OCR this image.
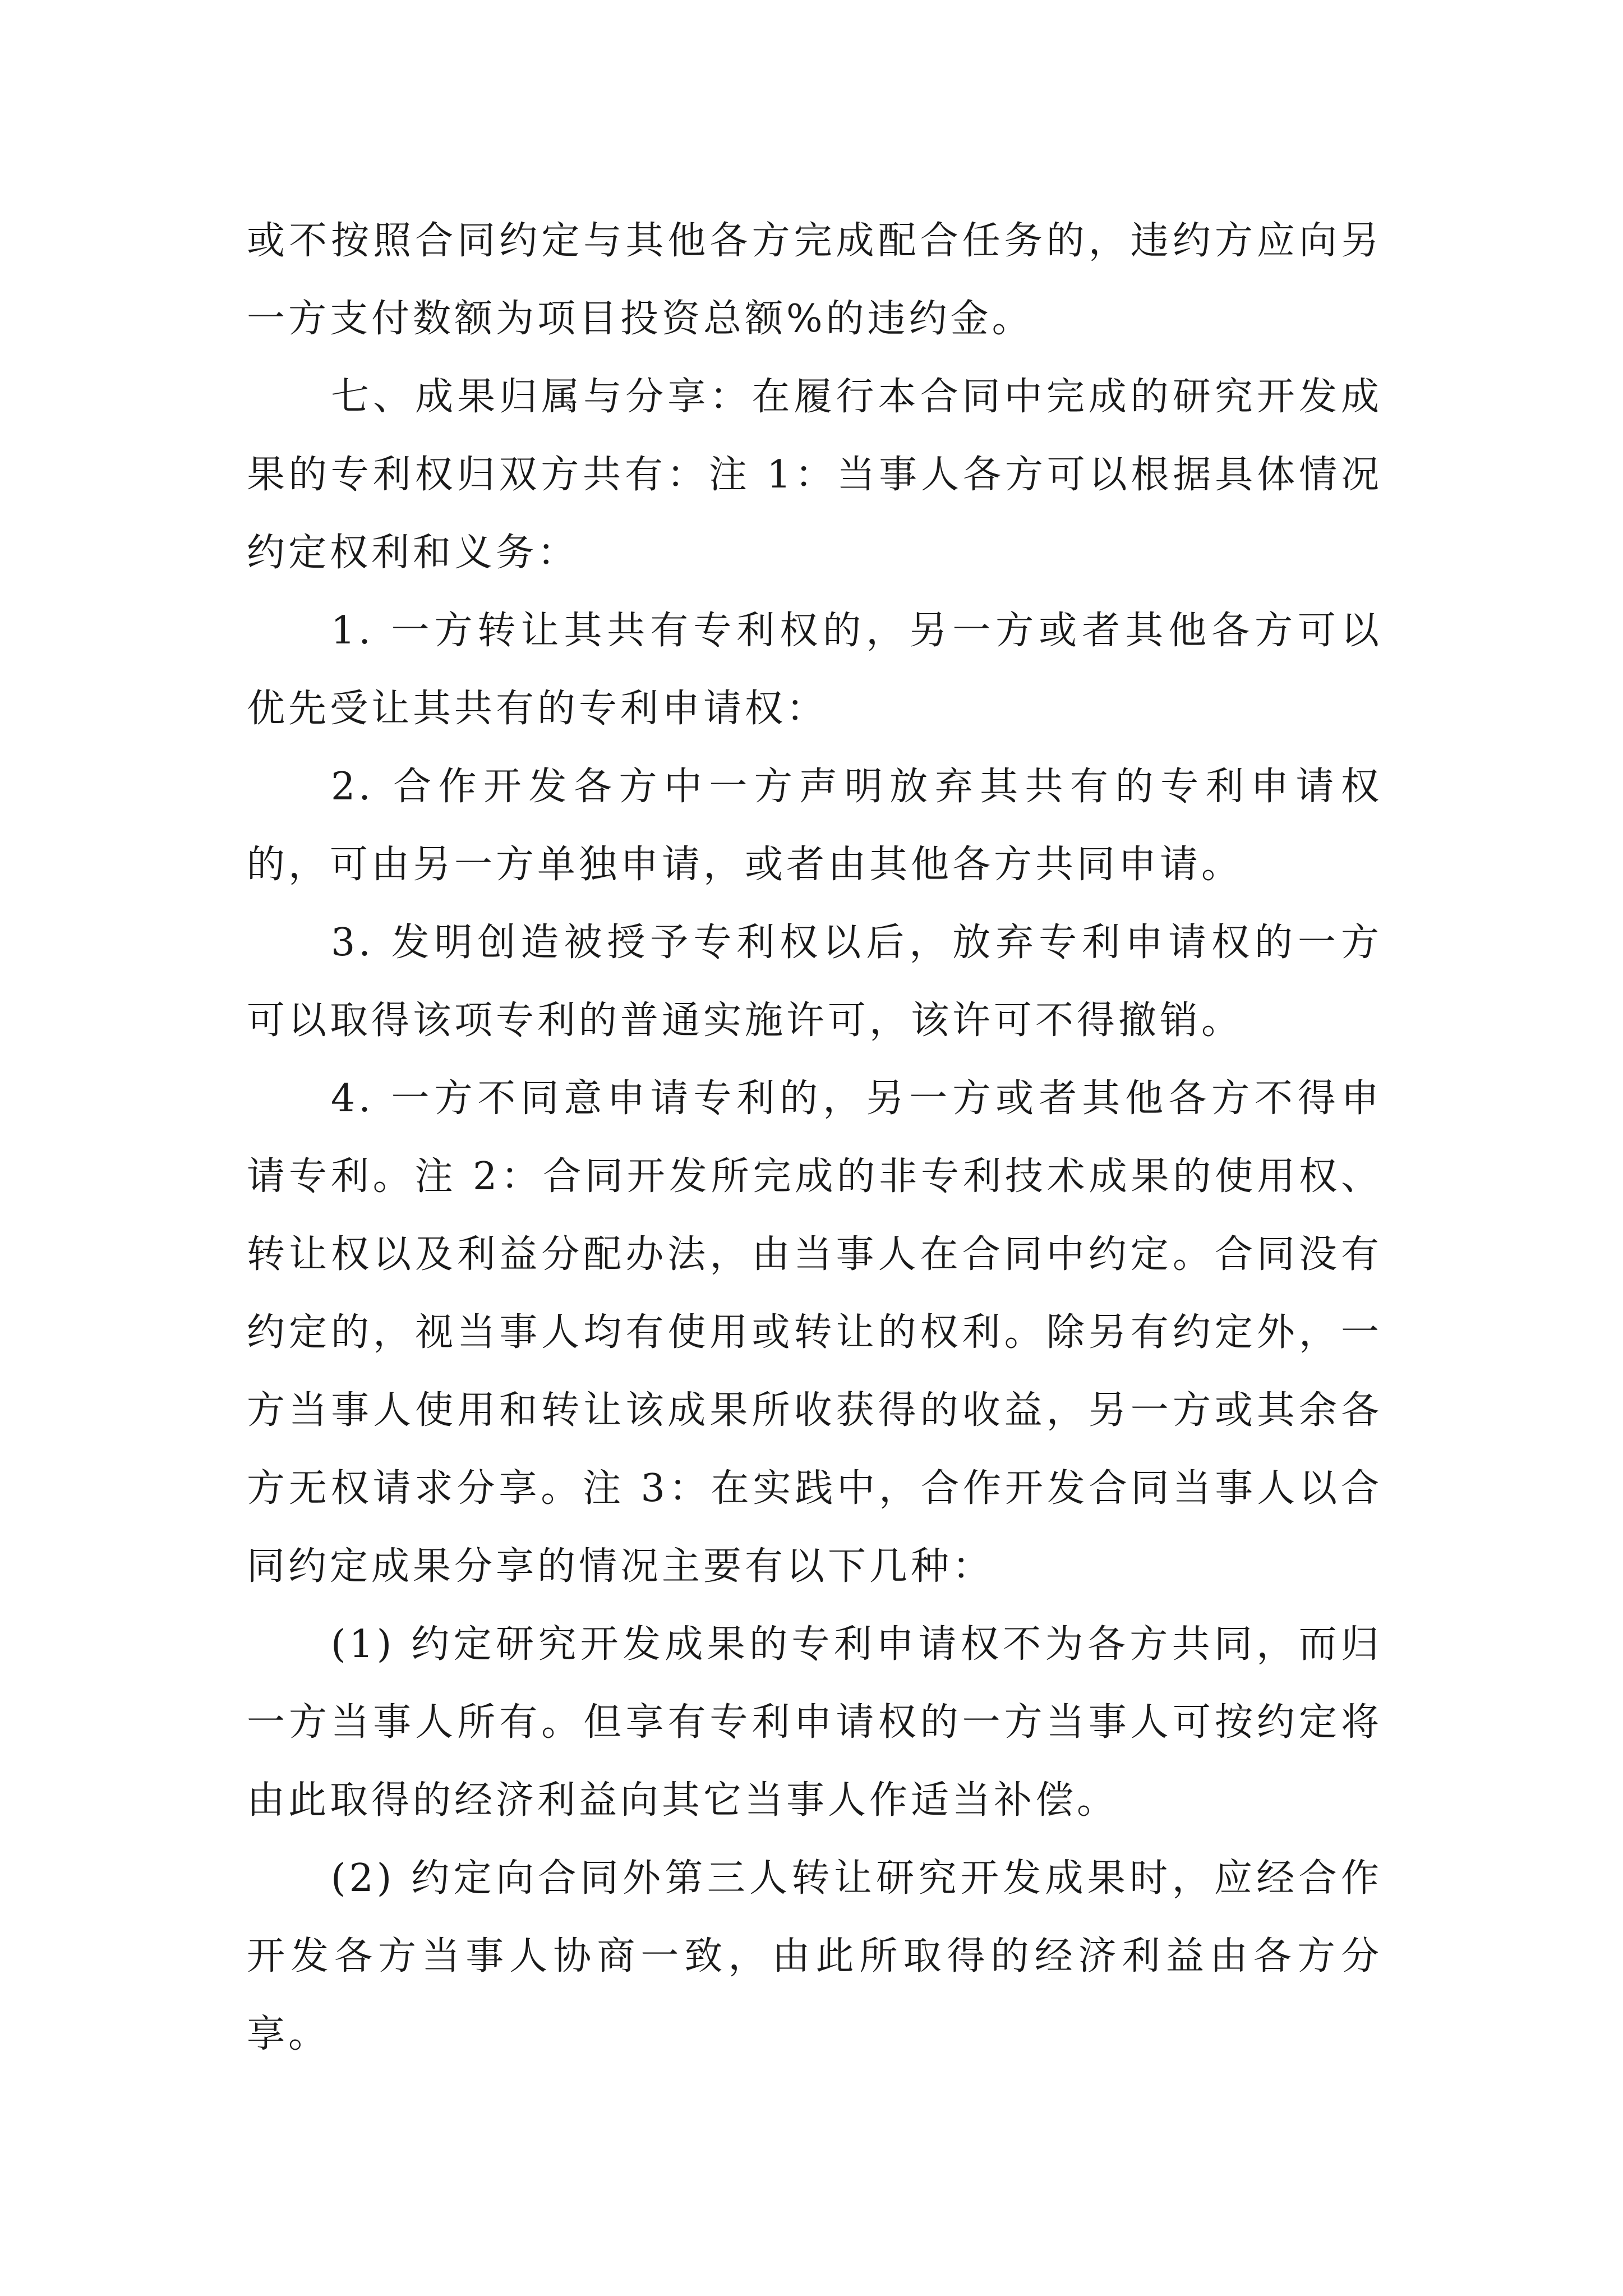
或不按照合同约定与其他各方完成配合任务的，违约方应向另一方支付数额为项目投资总额%的违约金。

七、成果归属与分享：在履行本合同中完成的研究开发成果的专利权归双方共有：注 1：当事人各方可以根据具体情况约定权利和义务：

1. 一方转让其共有专利权的，另一方或者其他各方可以优先受让其共有的专利申请权：

2. 合作开发各方中一方声明放弃其共有的专利申请权的，可由另一方单独申请，或者由其他各方共同申请。

3. 发明创造被授予专利权以后，放弃专利申请权的一方可以取得该项专利的普通实施许可，该许可不得撤销。

4. 一方不同意申请专利的，另一方或者其他各方不得申请专利。注 2：合同开发所完成的非专利技术成果的使用权、转让权以及利益分配办法，由当事人在合同中约定。合同没有约定的，视当事人均有使用或转让的权利。除另有约定外，一方当事人使用和转让该成果所收获得的收益，另一方或其余各方无权请求分享。注 3：在实践中，合作开发合同当事人以合同约定成果分享的情况主要有以下几种：

(1) 约定研究开发成果的专利申请权不为各方共同，而归一方当事人所有。但享有专利申请权的一方当事人可按约定将由此取得的经济利益向其它当事人作适当补偿。

(2) 约定向合同外第三人转让研究开发成果时，应经合作开发各方当事人协商一致，由此所取得的经济利益由各方分享。
